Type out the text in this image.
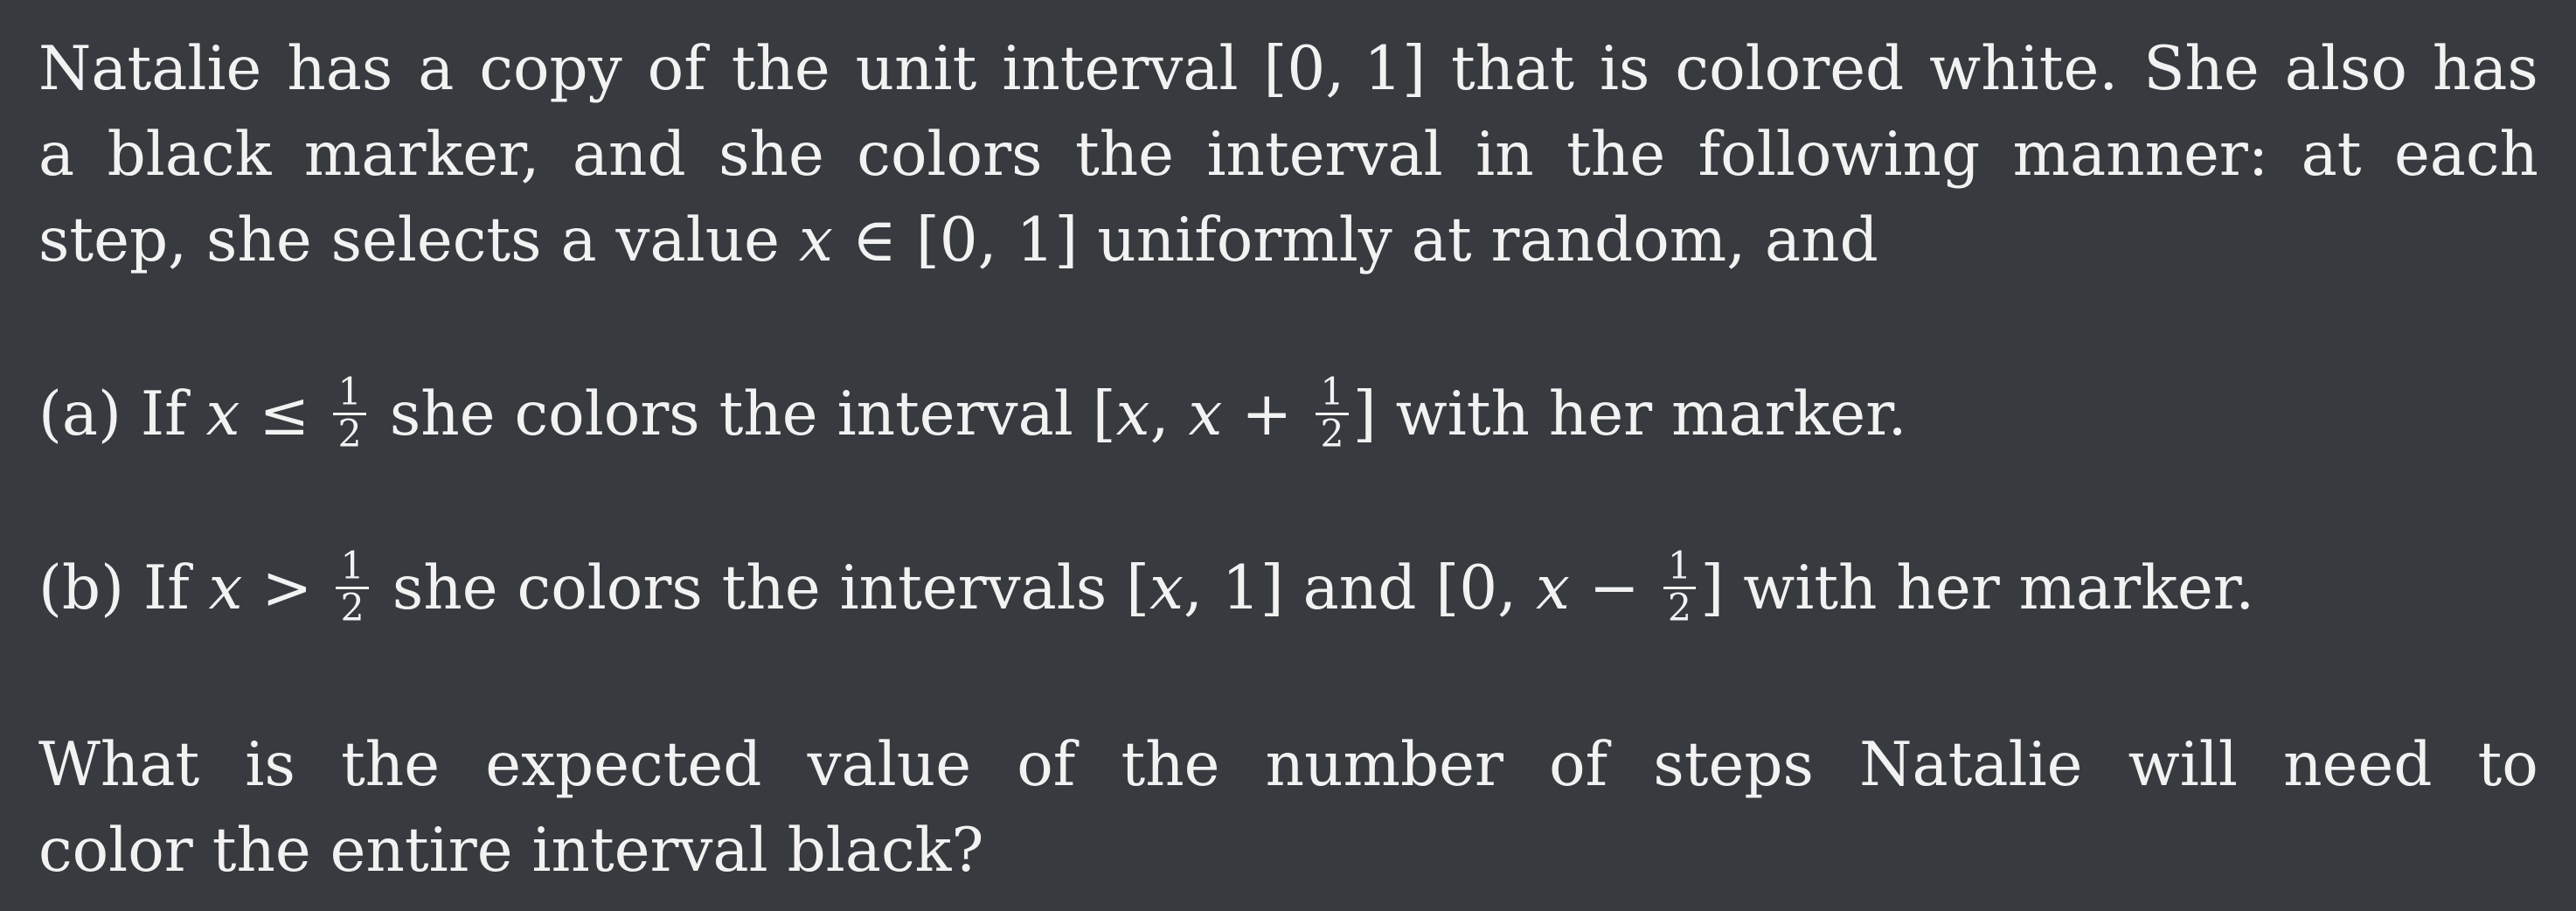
Natalie has a copy of the unit interval [0, 1] that is colored white. She also has
a black marker, and she colors the interval in the following manner: at each
step, she selects a value x ∈ [0, 1] uniformly at random, and
(a) If $x \le \frac{1}{2}$ she colors the interval [x, $x + \frac{1}{2}$ ] with her marker.
(b) If $x > \frac{1}{2}$ she colors the intervals [x, 1] and [0, $x - \frac{1}{2}$ ] with her marker.
What is the expected value of the number of steps Natalie will need to
color the entire interval black?
